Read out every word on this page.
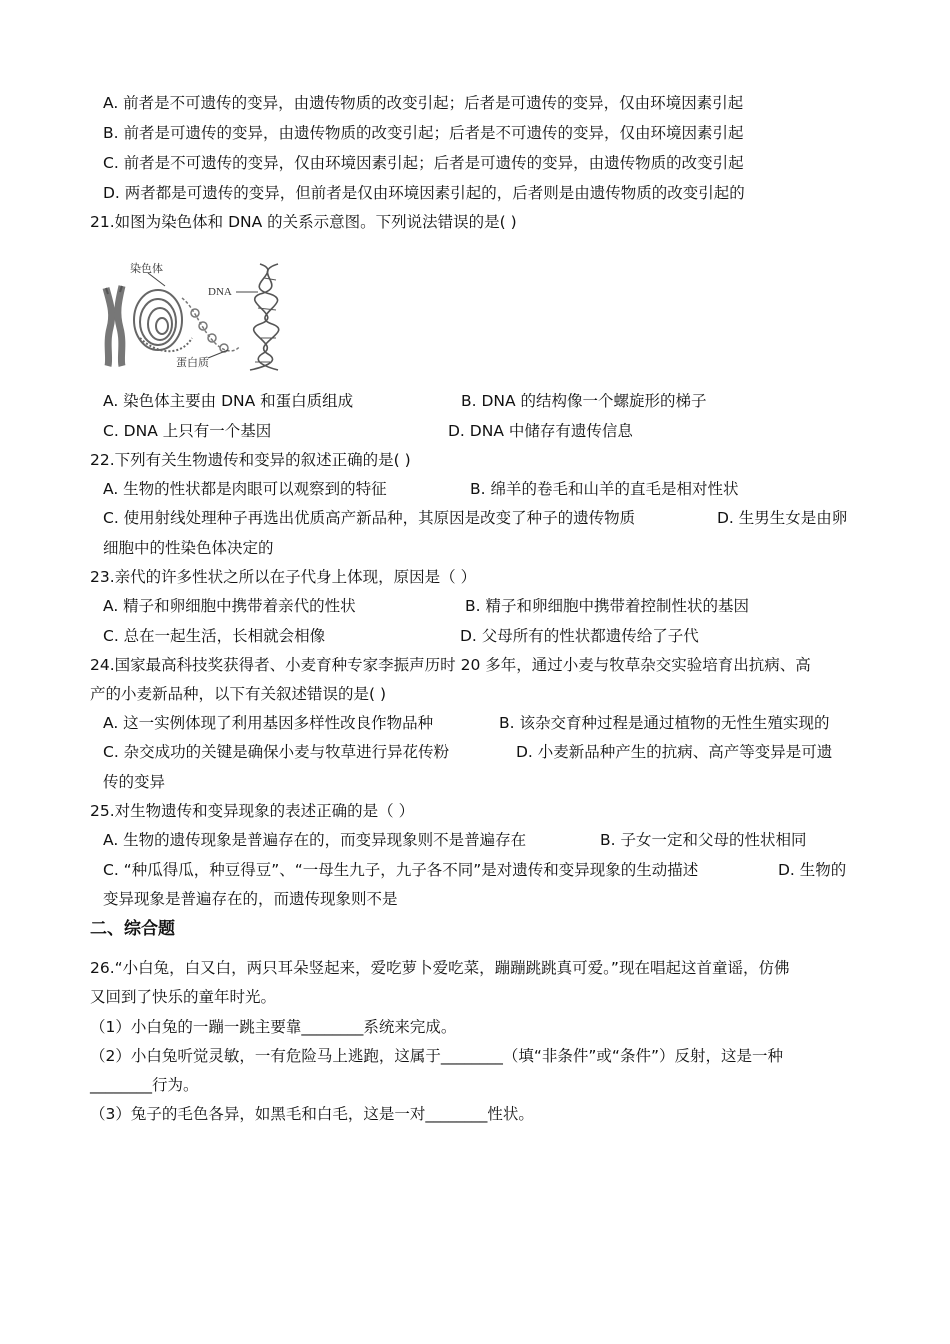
A. 前者是不可遗传的变异，由遗传物质的改变引起；后者是可遗传的变异，仅由环境因素引起
B. 前者是可遗传的变异，由遗传物质的改变引起；后者是不可遗传的变异，仅由环境因素引起
C. 前者是不可遗传的变异，仅由环境因素引起；后者是可遗传的变异，由遗传物质的改变引起
D. 两者都是可遗传的变异，但前者是仅由环境因素引起的，后者则是由遗传物质的改变引起的
21.如图为染色体和 DNA 的关系示意图。下列说法错误的是( )
染色体
DNA
蛋白质
A. 染色体主要由 DNA 和蛋白质组成	B. DNA 的结构像一个螺旋形的梯子
C. DNA 上只有一个基因	D. DNA 中储存有遗传信息
22.下列有关生物遗传和变异的叙述正确的是( )
A. 生物的性状都是肉眼可以观察到的特征	B. 绵羊的卷毛和山羊的直毛是相对性状
C. 使用射线处理种子再选出优质高产新品种，其原因是改变了种子的遗传物质	D. 生男生女是由卵
细胞中的性染色体决定的
23.亲代的许多性状之所以在子代身上体现，原因是（ ）
A. 精子和卵细胞中携带着亲代的性状	B. 精子和卵细胞中携带着控制性状的基因
C. 总在一起生活，长相就会相像	D. 父母所有的性状都遗传给了子代
24.国家最高科技奖获得者、小麦育种专家李振声历时 20 多年，通过小麦与牧草杂交实验培育出抗病、高
产的小麦新品种，以下有关叙述错误的是( )
A. 这一实例体现了利用基因多样性改良作物品种	B. 该杂交育种过程是通过植物的无性生殖实现的
C. 杂交成功的关键是确保小麦与牧草进行异花传粉	D. 小麦新品种产生的抗病、高产等变异是可遗
传的变异
25.对生物遗传和变异现象的表述正确的是（ ）
A. 生物的遗传现象是普遍存在的，而变异现象则不是普遍存在	B. 子女一定和父母的性状相同
C. “种瓜得瓜，种豆得豆”、“一母生九子，九子各不同”是对遗传和变异现象的生动描述	D. 生物的
变异现象是普遍存在的，而遗传现象则不是
二、综合题
26.“小白兔，白又白，两只耳朵竖起来，爱吃萝卜爱吃菜，蹦蹦跳跳真可爱。”现在唱起这首童谣，仿佛
又回到了快乐的童年时光。
（1）小白兔的一蹦一跳主要靠________系统来完成。
（2）小白兔听觉灵敏，一有危险马上逃跑，这属于________（填“非条件”或“条件”）反射，这是一种
________行为。
（3）兔子的毛色各异，如黑毛和白毛，这是一对________性状。
